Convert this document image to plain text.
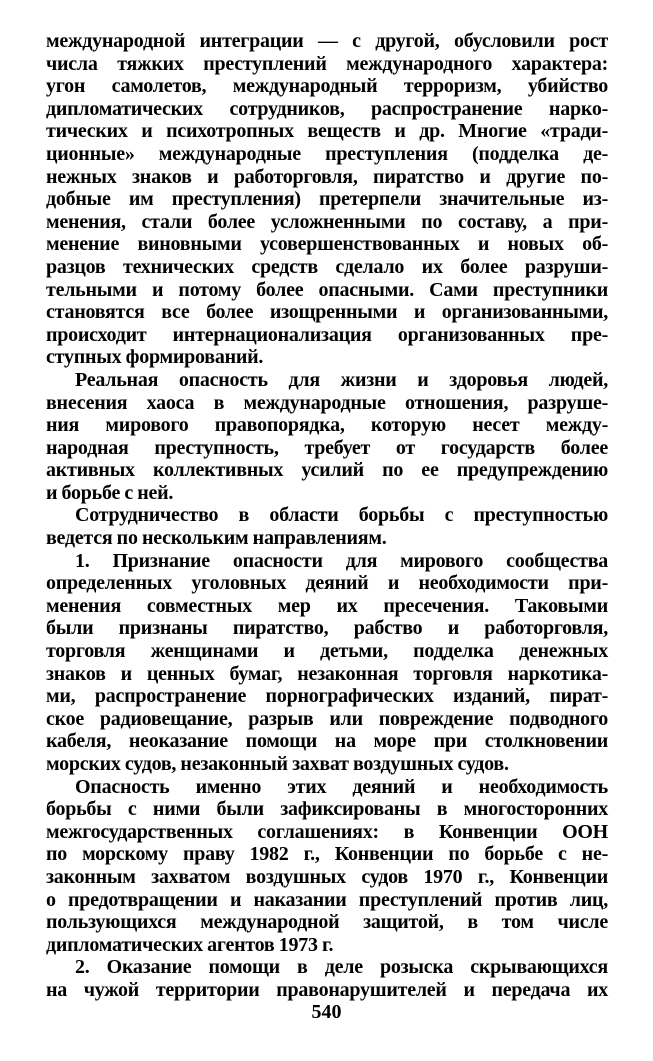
международной интеграции — с другой, обусловили рост
числа тяжких преступлений международного характера:
угон самолетов, международный терроризм, убийство
дипломатических сотрудников, распространение нарко-
тических и психотропных веществ и др. Многие «тради-
ционные» международные преступления (подделка де-
нежных знаков и работорговля, пиратство и другие по-
добные им преступления) претерпели значительные из-
менения, стали более усложненными по составу, а при-
менение виновными усовершенствованных и новых об-
разцов технических средств сделало их более разруши-
тельными и потому более опасными. Сами преступники
становятся все более изощренными и организованными,
происходит интернационализация организованных пре-
ступных формирований.
Реальная опасность для жизни и здоровья людей,
внесения хаоса в международные отношения, разруше-
ния мирового правопорядка, которую несет между-
народная преступность, требует от государств более
активных коллективных усилий по ее предупреждению
и борьбе с ней.
Сотрудничество в области борьбы с преступностью
ведется по нескольким направлениям.
1. Признание опасности для мирового сообщества
определенных уголовных деяний и необходимости при-
менения совместных мер их пресечения. Таковыми
были признаны пиратство, рабство и работорговля,
торговля женщинами и детьми, подделка денежных
знаков и ценных бумаг, незаконная торговля наркотика-
ми, распространение порнографических изданий, пират-
ское радиовещание, разрыв или повреждение подводного
кабеля, неоказание помощи на море при столкновении
морских судов, незаконный захват воздушных судов.
Опасность именно этих деяний и необходимость
борьбы с ними были зафиксированы в многосторонних
межгосударственных соглашениях: в Конвенции ООН
по морскому праву 1982 г., Конвенции по борьбе с не-
законным захватом воздушных судов 1970 г., Конвенции
о предотвращении и наказании преступлений против лиц,
пользующихся международной защитой, в том числе
дипломатических агентов 1973 г.
2. Оказание помощи в деле розыска скрывающихся
на чужой территории правонарушителей и передача их
540
